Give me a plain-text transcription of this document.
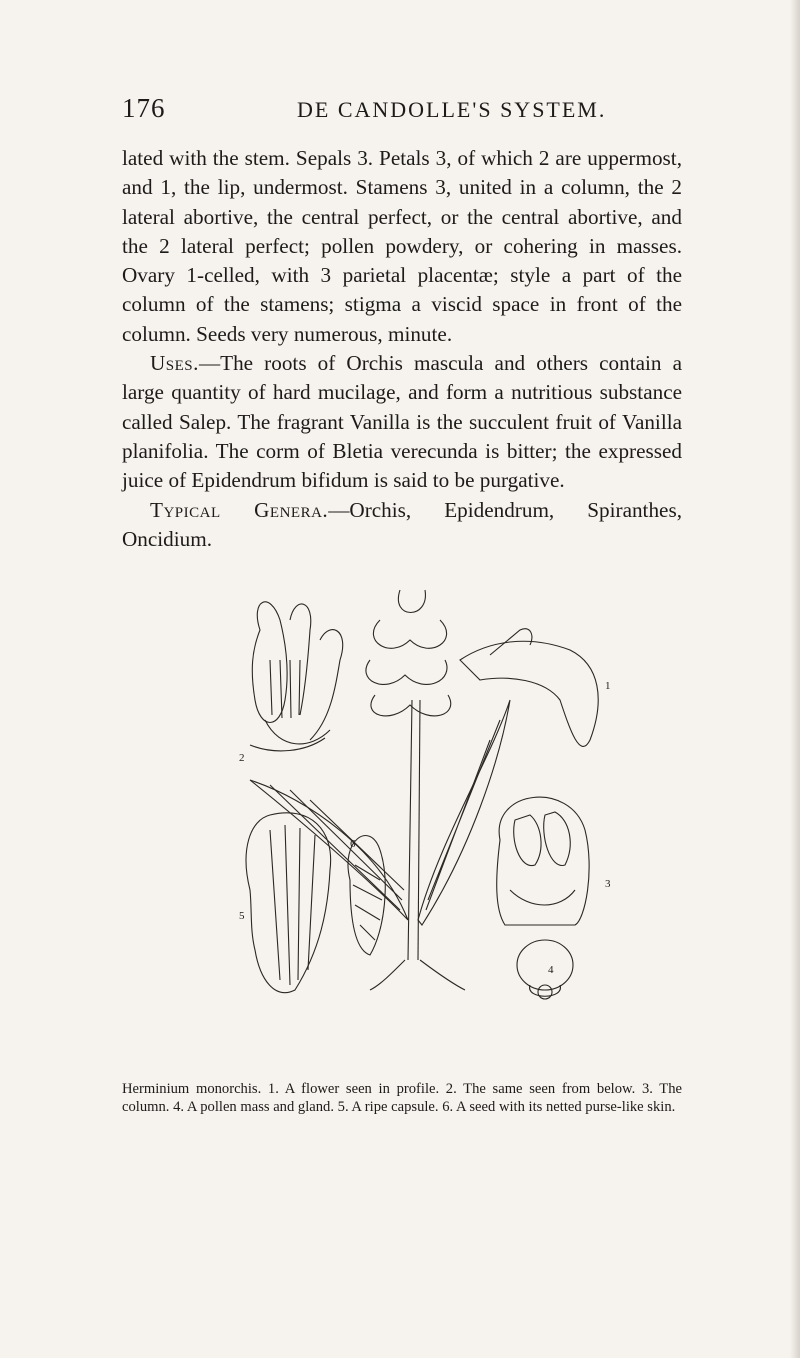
176	DE CANDOLLE'S SYSTEM.

lated with the stem. Sepals 3. Petals 3, of which 2 are uppermost, and 1, the lip, undermost. Stamens 3, united in a column, the 2 lateral abortive, the central perfect, or the central abortive, and the 2 lateral perfect; pollen powdery, or cohering in masses. Ovary 1-celled, with 3 parietal placentæ; style a part of the column of the stamens; stigma a viscid space in front of the column. Seeds very numerous, minute.

Uses.—The roots of Orchis mascula and others contain a large quantity of hard mucilage, and form a nutritious substance called Salep. The fragrant Vanilla is the succulent fruit of Vanilla planifolia. The corm of Bletia verecunda is bitter; the expressed juice of Epidendrum bifidum is said to be purgative.

Typical Genera.—Orchis, Epidendrum, Spiranthes, Oncidium.

1
2
3
4
5
6

Herminium monorchis. 1. A flower seen in profile. 2. The same seen from below. 3. The column. 4. A pollen mass and gland. 5. A ripe capsule. 6. A seed with its netted purse-like skin.
